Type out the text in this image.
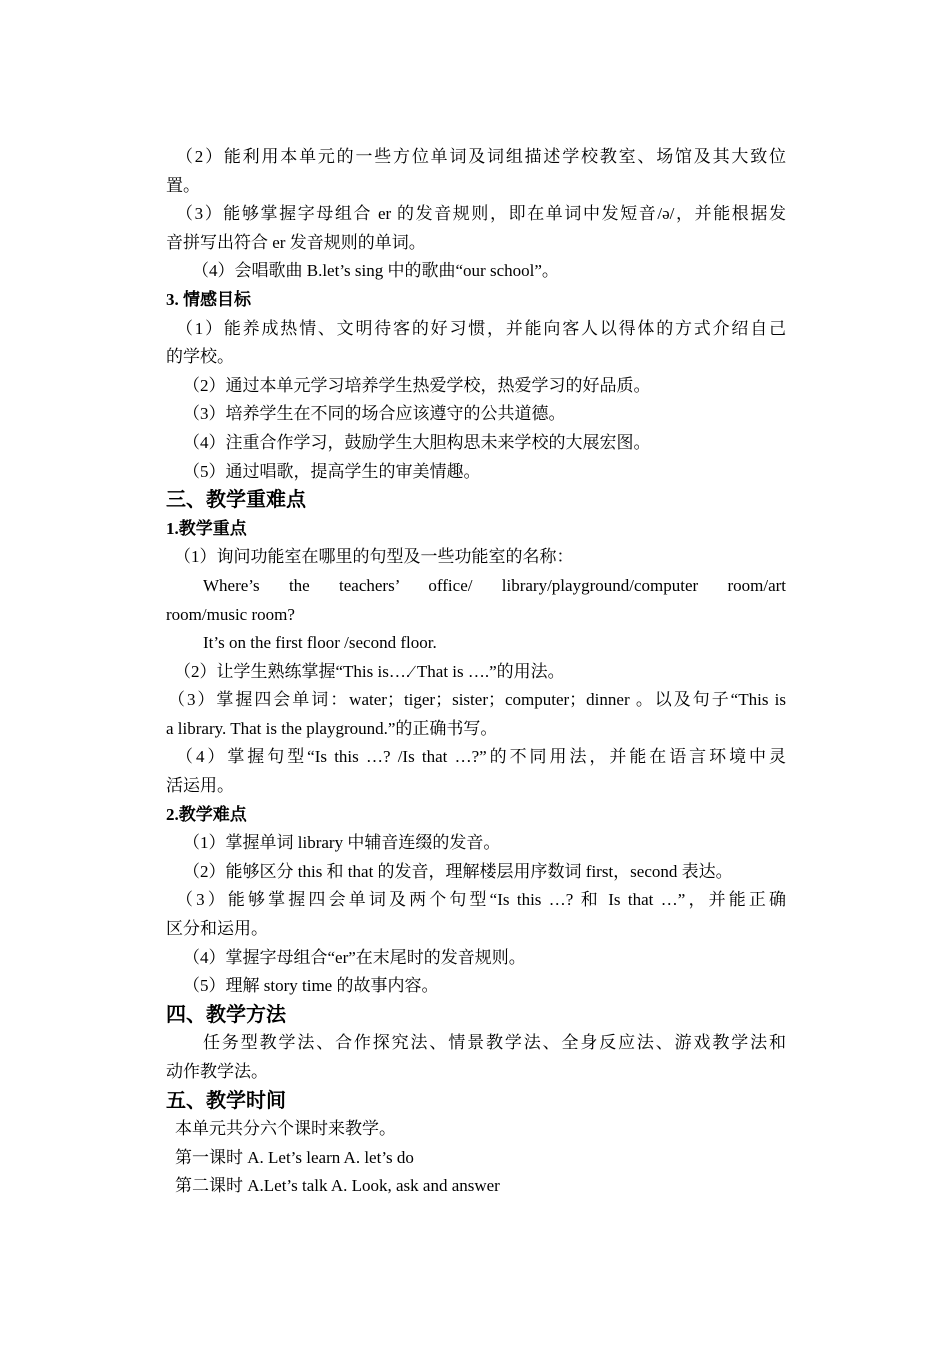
（2）能利用本单元的一些方位单词及词组描述学校教室、场馆及其大致位
置。
（3）能够掌握字母组合 er 的发音规则，即在单词中发短音/ə/，并能根据发
音拼写出符合 er 发音规则的单词。
（4）会唱歌曲 B.let’s sing 中的歌曲“our school”。
3. 情感目标
（1）能养成热情、文明待客的好习惯，并能向客人以得体的方式介绍自己
的学校。
（2）通过本单元学习培养学生热爱学校，热爱学习的好品质。
（3）培养学生在不同的场合应该遵守的公共道德。
（4）注重合作学习，鼓励学生大胆构思未来学校的大展宏图。
（5）通过唱歌，提高学生的审美情趣。
三、教学重难点
1.教学重点
（1）询问功能室在哪里的句型及一些功能室的名称：
Where’s the teachers’ office/ library/playground/computer room/art
room/music room?
It’s on the first floor /second floor.
（2）让学生熟练掌握“This is….∕ That is ….”的用法。
（3）掌握四会单词：water；tiger；sister；computer；dinner 。以及句子“This is
a library. That is the playground.”的正确书写。
（4）掌握句型“Is this …? /Is that …?”的不同用法，并能在语言环境中灵
活运用。
2.教学难点
（1）掌握单词 library 中辅音连缀的发音。
（2）能够区分 this 和 that 的发音，理解楼层用序数词 first，second 表达。
（3）能够掌握四会单词及两个句型“Is this …? 和 Is that …”，并能正确
区分和运用。
（4）掌握字母组合“er”在末尾时的发音规则。
（5）理解 story time 的故事内容。
四、教学方法
任务型教学法、合作探究法、情景教学法、全身反应法、游戏教学法和
动作教学法。
五、教学时间
本单元共分六个课时来教学。
第一课时 A. Let’s learn A. let’s do
第二课时 A.Let’s talk A. Look, ask and answer
